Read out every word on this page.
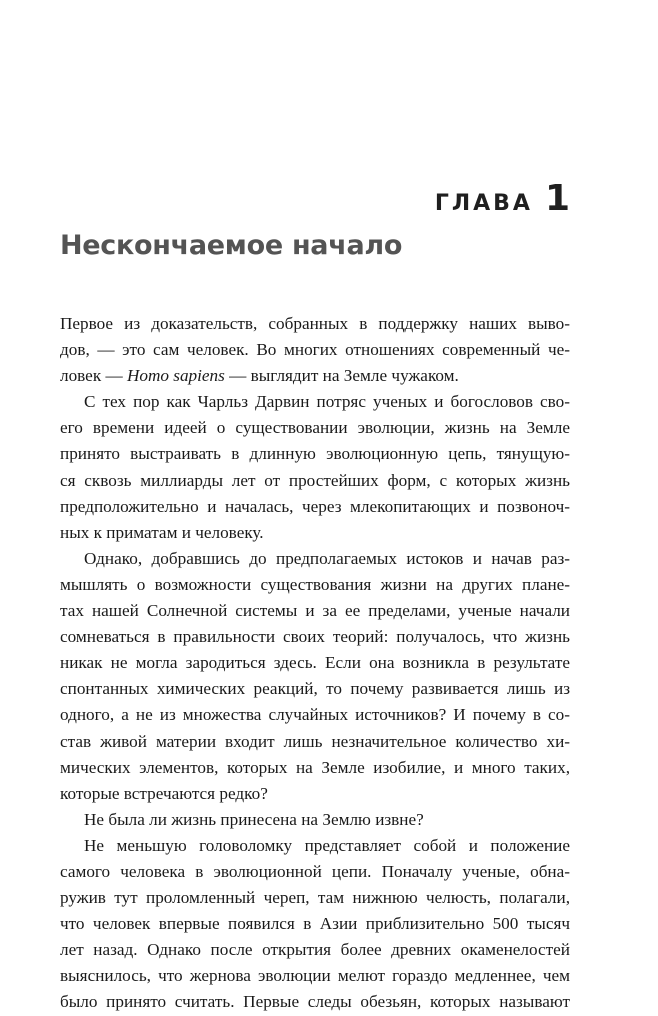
ГЛАВА 1
Нескончаемое начало

Первое из доказательств, собранных в поддержку наших выво-
дов, — это сам человек. Во многих отношениях современный че-
ловек — Homo sapiens — выглядит на Земле чужаком.

С тех пор как Чарльз Дарвин потряс ученых и богословов сво-
его времени идеей о существовании эволюции, жизнь на Земле
принято выстраивать в длинную эволюционную цепь, тянущую-
ся сквозь миллиарды лет от простейших форм, с которых жизнь
предположительно и началась, через млекопитающих и позвоноч-
ных к приматам и человеку.

Однако, добравшись до предполагаемых истоков и начав раз-
мышлять о возможности существования жизни на других плане-
тах нашей Солнечной системы и за ее пределами, ученые начали
сомневаться в правильности своих теорий: получалось, что жизнь
никак не могла зародиться здесь. Если она возникла в результате
спонтанных химических реакций, то почему развивается лишь из
одного, а не из множества случайных источников? И почему в со-
став живой материи входит лишь незначительное количество хи-
мических элементов, которых на Земле изобилие, и много таких,
которые встречаются редко?

Не была ли жизнь принесена на Землю извне?

Не меньшую головоломку представляет собой и положение
самого человека в эволюционной цепи. Поначалу ученые, обна-
ружив тут проломленный череп, там нижнюю челюсть, полагали,
что человек впервые появился в Азии приблизительно 500 тысяч
лет назад. Однако после открытия более древних окаменелостей
выяснилось, что жернова эволюции мелют гораздо медленнее, чем
было принято считать. Первые следы обезьян, которых называют
